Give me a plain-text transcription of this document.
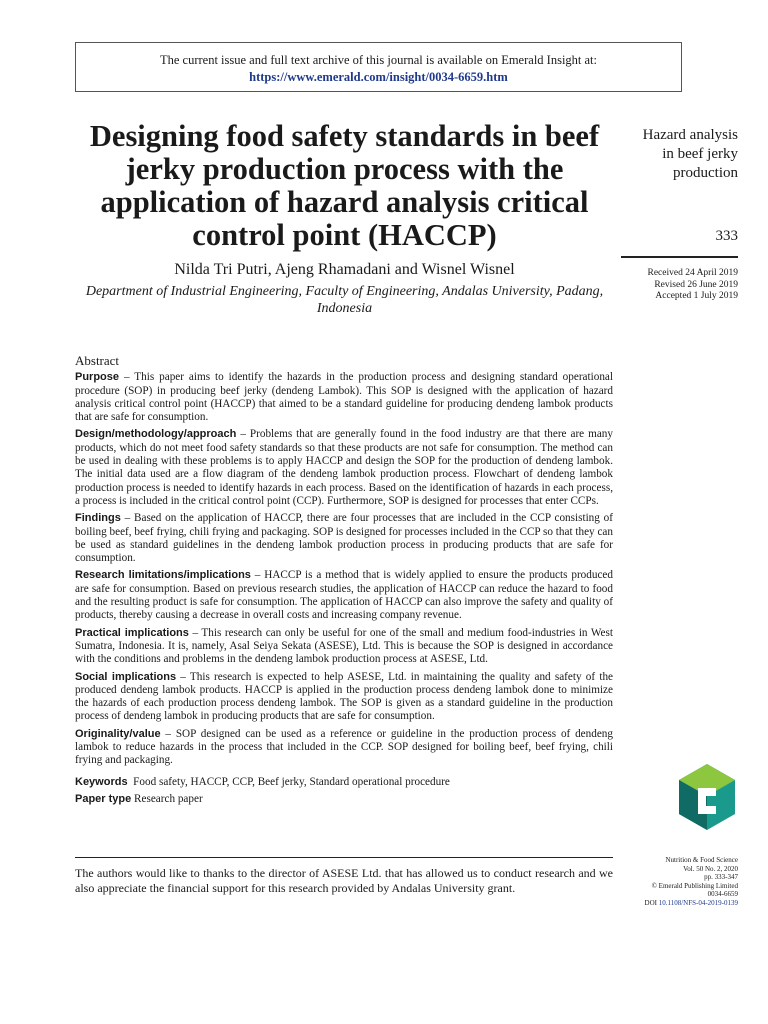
The current issue and full text archive of this journal is available on Emerald Insight at:
https://www.emerald.com/insight/0034-6659.htm
Designing food safety standards in beef jerky production process with the application of hazard analysis critical control point (HACCP)
Nilda Tri Putri, Ajeng Rhamadani and Wisnel Wisnel
Department of Industrial Engineering, Faculty of Engineering, Andalas University, Padang, Indonesia
Hazard analysis in beef jerky production
333
Received 24 April 2019
Revised 26 June 2019
Accepted 1 July 2019
Abstract

Purpose – This paper aims to identify the hazards in the production process and designing standard operational procedure (SOP) in producing beef jerky (dendeng Lambok). This SOP is designed with the application of hazard analysis critical control point (HACCP) that aimed to be a standard guideline for producing dendeng lambok products that are safe for consumption.

Design/methodology/approach – Problems that are generally found in the food industry are that there are many products, which do not meet food safety standards so that these products are not safe for consumption. The method can be used in dealing with these problems is to apply HACCP and design the SOP for the production of dendeng lambok. The initial data used are a flow diagram of the dendeng lambok production process. Flowchart of dendeng lambok production process is needed to identify hazards in each process. Based on the identification of hazards in each process, a process is included in the critical control point (CCP). Furthermore, SOP is designed for processes that enter CCPs.

Findings – Based on the application of HACCP, there are four processes that are included in the CCP consisting of boiling beef, beef frying, chili frying and packaging. SOP is designed for processes included in the CCP so that they can be used as standard guidelines in the dendeng lambok production process in producing products that are safe for consumption.

Research limitations/implications – HACCP is a method that is widely applied to ensure the products produced are safe for consumption. Based on previous research studies, the application of HACCP can reduce the hazard to food and the resulting product is safe for consumption. The application of HACCP can also improve the safety and quality of products, thereby causing a decrease in overall costs and increasing company revenue.

Practical implications – This research can only be useful for one of the small and medium food-industries in West Sumatra, Indonesia. It is, namely, Asal Seiya Sekata (ASESE), Ltd. This is because the SOP is designed in accordance with the conditions and problems in the dendeng lambok production process at ASESE, Ltd.

Social implications – This research is expected to help ASESE, Ltd. in maintaining the quality and safety of the produced dendeng lambok products. HACCP is applied in the production process dendeng lambok done to minimize the hazards of each production process dendeng lambok. The SOP is given as a standard guideline in the production process of dendeng lambok in producing products that are safe for consumption.

Originality/value – SOP designed can be used as a reference or guideline in the production process of dendeng lambok to reduce hazards in the process that included in the CCP. SOP designed for boiling beef, beef frying, chili frying and packaging.

Keywords Food safety, HACCP, CCP, Beef jerky, Standard operational procedure

Paper type Research paper

The authors would like to thanks to the director of ASESE Ltd. that has allowed us to conduct research and we also appreciate the financial support for this research provided by Andalas University grant.
Nutrition & Food Science
Vol. 50 No. 2, 2020
pp. 333-347
© Emerald Publishing Limited
0034-6659
DOI 10.1108/NFS-04-2019-0139
